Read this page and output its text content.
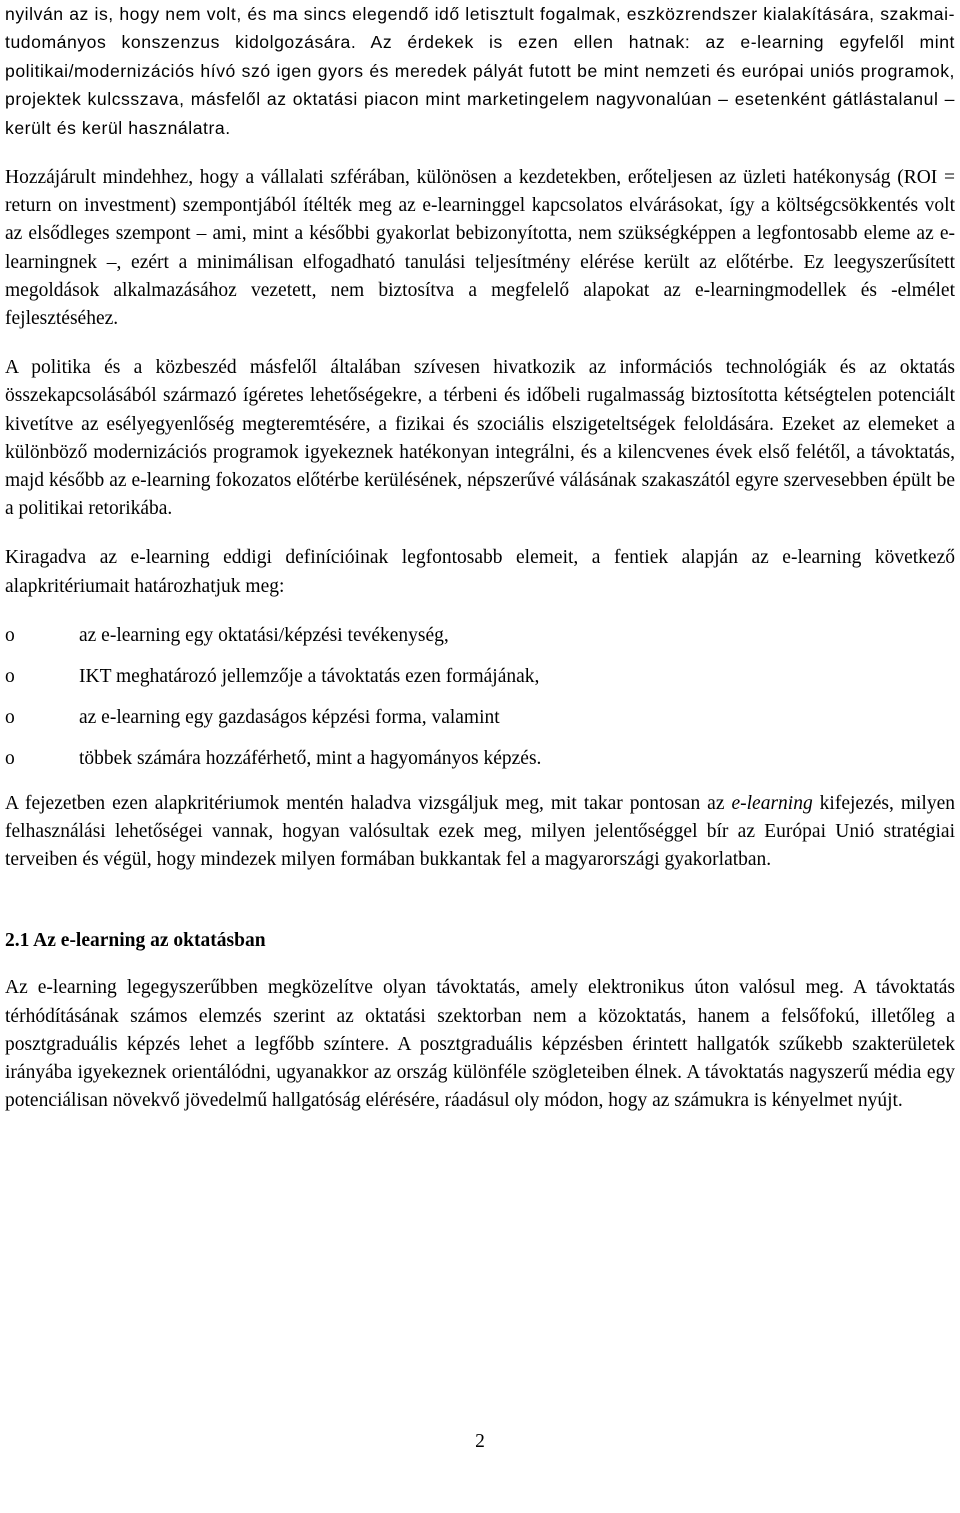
nyilván az is, hogy nem volt, és ma sincs elegendő idő letisztult fogalmak, eszközrendszer kialakítására, szakmai-tudományos konszenzus kidolgozására. Az érdekek is ezen ellen hatnak: az e-learning egyfelől mint politikai/modernizációs hívó szó igen gyors és meredek pályát futott be mint nemzeti és európai uniós programok, projektek kulcsszava, másfelől az oktatási piacon mint marketingelem nagyvonalúan – esetenként gátlástalanul – került és kerül használatra.

Hozzájárult mindehhez, hogy a vállalati szférában, különösen a kezdetekben, erőteljesen az üzleti hatékonyság (ROI = return on investment) szempontjából ítélték meg az e-learninggel kapcsolatos elvárásokat, így a költségcsökkentés volt az elsődleges szempont – ami, mint a későbbi gyakorlat bebizonyította, nem szükségképpen a legfontosabb eleme az e-learningnek –, ezért a minimálisan elfogadható tanulási teljesítmény elérése került az előtérbe. Ez leegyszerűsített megoldások alkalmazásához vezetett, nem biztosítva a megfelelő alapokat az e-learningmodellek és -elmélet fejlesztéséhez.

A politika és a közbeszéd másfelől általában szívesen hivatkozik az információs technológiák és az oktatás összekapcsolásából származó ígéretes lehetőségekre, a térbeni és időbeli rugalmasság biztosította kétségtelen potenciált kivetítve az esélyegyenlőség megteremtésére, a fizikai és szociális elszigeteltségek feloldására. Ezeket az elemeket a különböző modernizációs programok igyekeznek hatékonyan integrálni, és a kilencvenes évek első felétől, a távoktatás, majd később az e-learning fokozatos előtérbe kerülésének, népszerűvé válásának szakaszától egyre szervesebben épült be a politikai retorikába.

Kiragadva az e-learning eddigi definícióinak legfontosabb elemeit, a fentiek alapján az e-learning következő alapkritériumait határozhatjuk meg:

o	az e-learning egy oktatási/képzési tevékenység,
o	IKT meghatározó jellemzője a távoktatás ezen formájának,
o	az e-learning egy gazdaságos képzési forma, valamint
o	többek számára hozzáférhető, mint a hagyományos képzés.

A fejezetben ezen alapkritériumok mentén haladva vizsgáljuk meg, mit takar pontosan az e-learning kifejezés, milyen felhasználási lehetőségei vannak, hogyan valósultak ezek meg, milyen jelentőséggel bír az Európai Unió stratégiai terveiben és végül, hogy mindezek milyen formában bukkantak fel a magyarországi gyakorlatban.

2.1 Az e-learning az oktatásban

Az e-learning legegyszerűbben megközelítve olyan távoktatás, amely elektronikus úton valósul meg. A távoktatás térhódításának számos elemzés szerint az oktatási szektorban nem a közoktatás, hanem a felsőfokú, illetőleg a posztgraduális képzés lehet a legfőbb színtere. A posztgraduális képzésben érintett hallgatók szűkebb szakterületek irányába igyekeznek orientálódni, ugyanakkor az ország különféle szögleteiben élnek. A távoktatás nagyszerű média egy potenciálisan növekvő jövedelmű hallgatóság elérésére, ráadásul oly módon, hogy az számukra is kényelmet nyújt.

2
